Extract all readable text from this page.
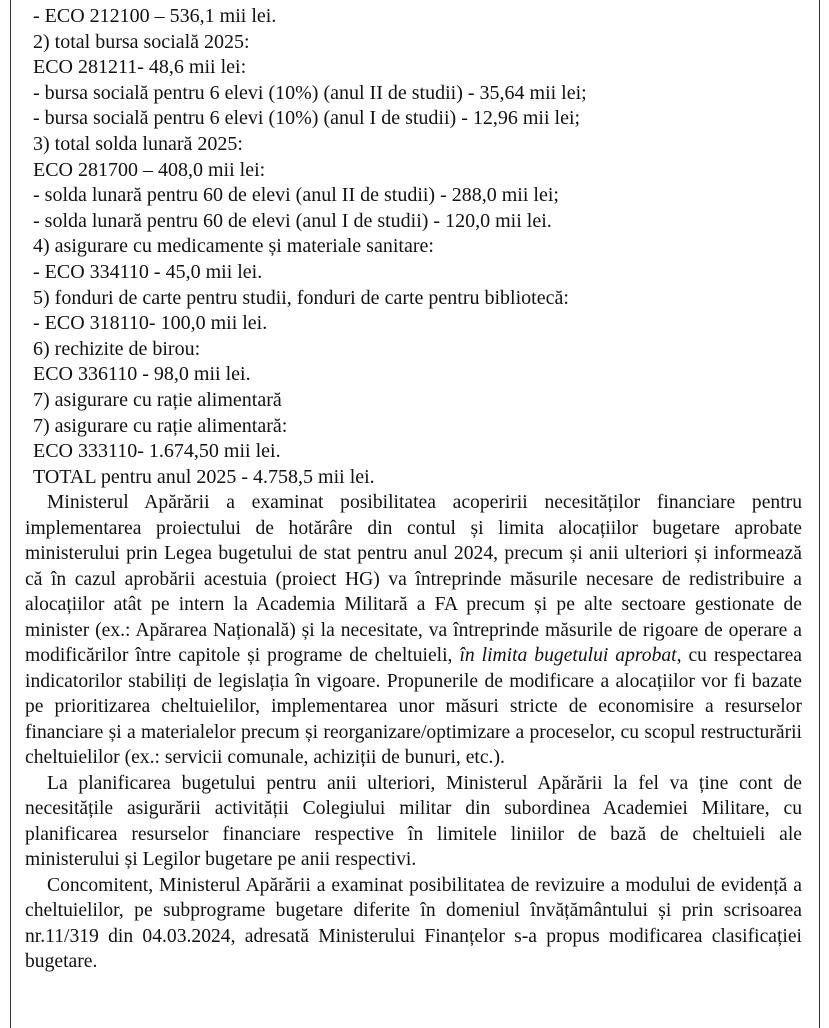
- ECO 212100 – 536,1 mii lei.
2) total bursa socială 2025:
ECO 281211- 48,6 mii lei:
- bursa socială pentru 6 elevi (10%) (anul II de studii) - 35,64 mii lei;
- bursa socială pentru 6 elevi (10%) (anul I de studii) - 12,96 mii lei;
3) total solda lunară 2025:
ECO 281700 – 408,0 mii lei:
- solda lunară pentru 60 de elevi (anul II de studii) - 288,0 mii lei;
- solda lunară pentru 60 de elevi (anul I de studii) - 120,0 mii lei.
4) asigurare cu medicamente și materiale sanitare:
- ECO 334110 - 45,0 mii lei.
5) fonduri de carte pentru studii, fonduri de carte pentru bibliotecă:
- ECO 318110- 100,0 mii lei.
6) rechizite de birou:
ECO 336110 - 98,0 mii lei.
7) asigurare cu rație alimentară
7) asigurare cu rație alimentară:
ECO 333110- 1.674,50 mii lei.
TOTAL pentru anul 2025 - 4.758,5 mii lei.

Ministerul Apărării a examinat posibilitatea acoperirii necesităților financiare pentru implementarea proiectului de hotărâre din contul și limita alocațiilor bugetare aprobate ministerului prin Legea bugetului de stat pentru anul 2024, precum și anii ulteriori și informează că în cazul aprobării acestuia (proiect HG) va întreprinde măsurile necesare de redistribuire a alocațiilor atât pe intern la Academia Militară a FA precum și pe alte sectoare gestionate de minister (ex.: Apărarea Națională) și la necesitate, va întreprinde măsurile de rigoare de operare a modificărilor între capitole și programe de cheltuieli, în limita bugetului aprobat, cu respectarea indicatorilor stabiliți de legislația în vigoare. Propunerile de modificare a alocațiilor vor fi bazate pe prioritizarea cheltuielilor, implementarea unor măsuri stricte de economisire a resurselor financiare și a materialelor precum și reorganizare/optimizare a proceselor, cu scopul restructurării cheltuielilor (ex.: servicii comunale, achiziții de bunuri, etc.).

La planificarea bugetului pentru anii ulteriori, Ministerul Apărării la fel va ține cont de necesitățile asigurării activității Colegiului militar din subordinea Academiei Militare, cu planificarea resurselor financiare respective în limitele liniilor de bază de cheltuieli ale ministerului și Legilor bugetare pe anii respectivi.

Concomitent, Ministerul Apărării a examinat posibilitatea de revizuire a modului de evidență a cheltuielilor, pe subprograme bugetare diferite în domeniul învățământului și prin scrisoarea nr.11/319 din 04.03.2024, adresată Ministerului Finanțelor s-a propus modificarea clasificației bugetare.
